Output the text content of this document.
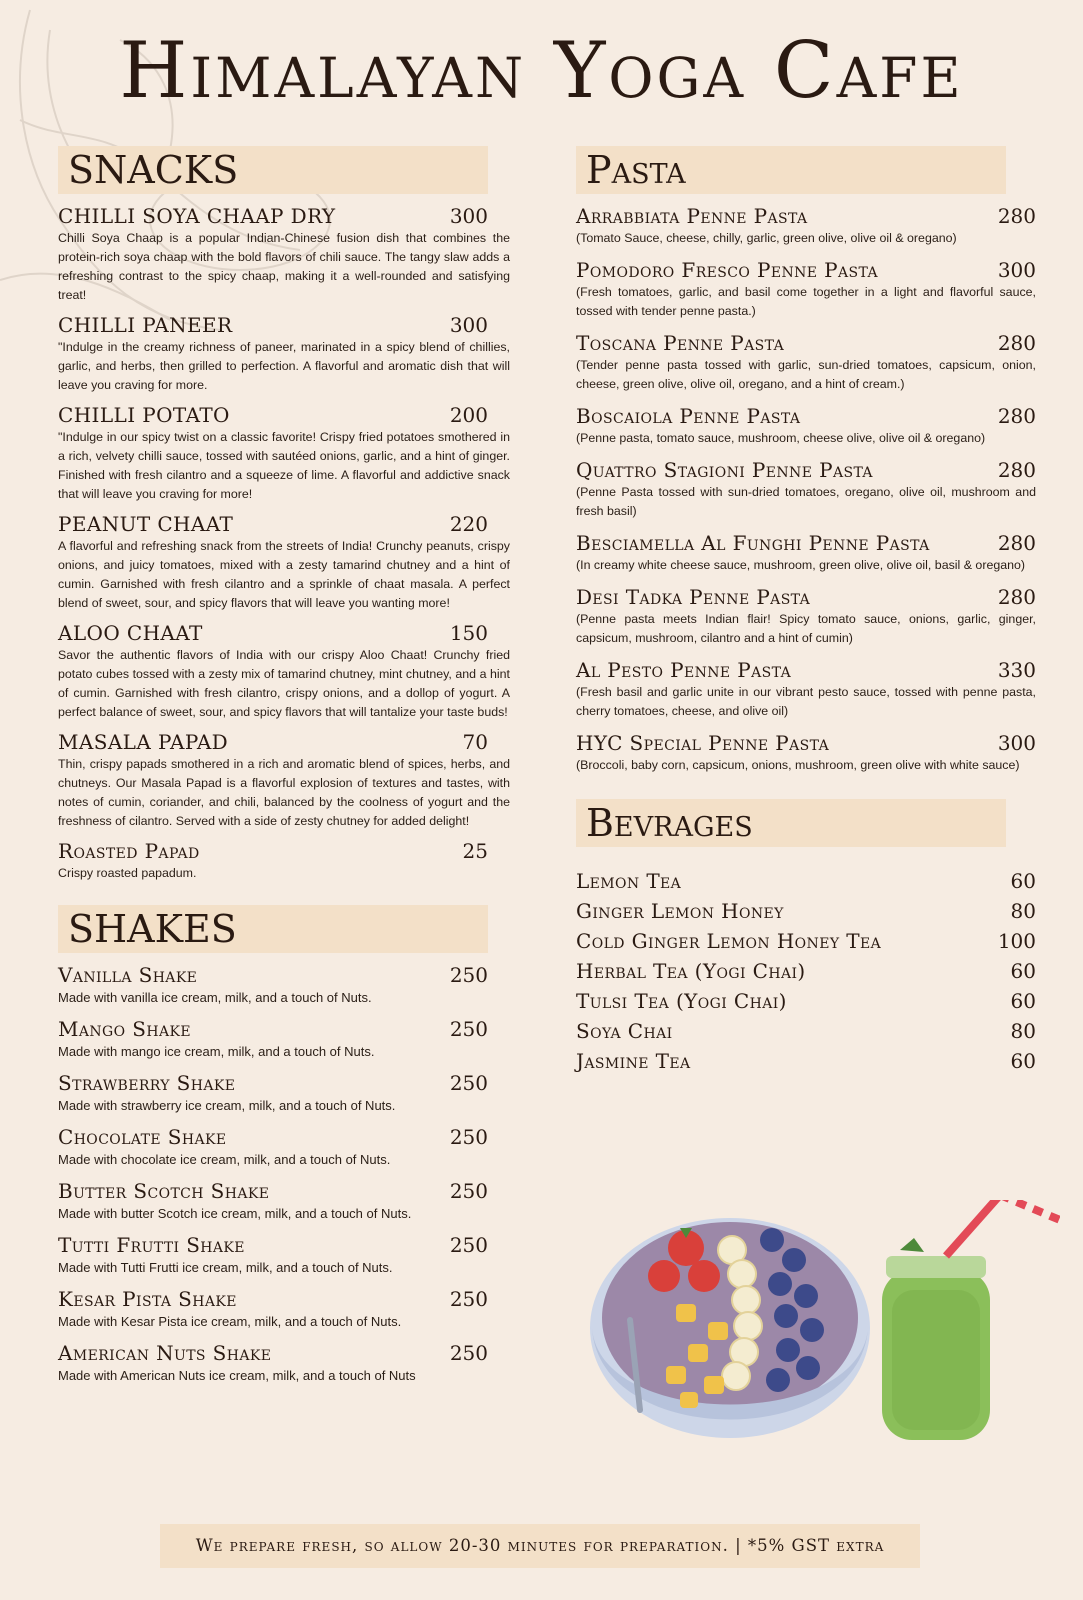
Himalayan Yoga Cafe
SNACKS
CHILLI SOYA CHAAP DRY	300
Chilli Soya Chaap is a popular Indian-Chinese fusion dish that combines the protein-rich soya chaap with the bold flavors of chili sauce. The tangy slaw adds a refreshing contrast to the spicy chaap, making it a well-rounded and satisfying treat!
CHILLI PANEER	300
"Indulge in the creamy richness of paneer, marinated in a spicy blend of chillies, garlic, and herbs, then grilled to perfection. A flavorful and aromatic dish that will leave you craving for more.
CHILLI POTATO	200
"Indulge in our spicy twist on a classic favorite! Crispy fried potatoes smothered in a rich, velvety chilli sauce, tossed with sautéed onions, garlic, and a hint of ginger. Finished with fresh cilantro and a squeeze of lime. A flavorful and addictive snack that will leave you craving for more!
PEANUT CHAAT	220
A flavorful and refreshing snack from the streets of India! Crunchy peanuts, crispy onions, and juicy tomatoes, mixed with a zesty tamarind chutney and a hint of cumin. Garnished with fresh cilantro and a sprinkle of chaat masala. A perfect blend of sweet, sour, and spicy flavors that will leave you wanting more!
ALOO CHAAT	150
Savor the authentic flavors of India with our crispy Aloo Chaat! Crunchy fried potato cubes tossed with a zesty mix of tamarind chutney, mint chutney, and a hint of cumin. Garnished with fresh cilantro, crispy onions, and a dollop of yogurt. A perfect balance of sweet, sour, and spicy flavors that will tantalize your taste buds!
MASALA PAPAD	70
Thin, crispy papads smothered in a rich and aromatic blend of spices, herbs, and chutneys. Our Masala Papad is a flavorful explosion of textures and tastes, with notes of cumin, coriander, and chili, balanced by the coolness of yogurt and the freshness of cilantro. Served with a side of zesty chutney for added delight!
Roasted Papad	25
Crispy roasted papadum.
SHAKES
Vanilla Shake	250
Made with vanilla ice cream, milk, and a touch of Nuts.
Mango Shake	250
Made with mango ice cream, milk, and a touch of Nuts.
Strawberry Shake	250
Made with strawberry ice cream, milk, and a touch of Nuts.
Chocolate Shake	250
Made with chocolate ice cream, milk, and a touch of Nuts.
Butter Scotch Shake	250
Made with butter Scotch ice cream, milk, and a touch of Nuts.
Tutti Frutti Shake	250
Made with Tutti Frutti ice cream, milk, and a touch of Nuts.
Kesar Pista Shake	250
Made with Kesar Pista ice cream, milk, and a touch of Nuts.
American Nuts Shake	250
Made with American Nuts ice cream, milk, and a touch of Nuts
Pasta
Arrabbiata Penne Pasta	280
(Tomato Sauce, cheese, chilly, garlic, green olive, olive oil & oregano)
Pomodoro Fresco Penne Pasta	300
(Fresh tomatoes, garlic, and basil come together in a light and flavorful sauce, tossed with tender penne pasta.)
Toscana Penne Pasta	280
(Tender penne pasta tossed with garlic, sun-dried tomatoes, capsicum, onion, cheese, green olive, olive oil, oregano, and a hint of cream.)
Boscaiola Penne Pasta	280
(Penne pasta, tomato sauce, mushroom, cheese olive, olive oil & oregano)
Quattro Stagioni Penne Pasta	280
(Penne Pasta tossed with sun-dried tomatoes, oregano, olive oil, mushroom and fresh basil)
Besciamella Al Funghi Penne Pasta	280
(In creamy white cheese sauce, mushroom, green olive, olive oil, basil & oregano)
Desi Tadka Penne Pasta	280
(Penne pasta meets Indian flair! Spicy tomato sauce, onions, garlic, ginger, capsicum, mushroom, cilantro and a hint of cumin)
Al Pesto Penne Pasta	330
(Fresh basil and garlic unite in our vibrant pesto sauce, tossed with penne pasta, cherry tomatoes, cheese, and olive oil)
HYC Special Penne Pasta	300
(Broccoli, baby corn, capsicum, onions, mushroom, green olive with white sauce)
Bevrages
Lemon Tea	60
Ginger Lemon Honey	80
Cold Ginger Lemon Honey Tea	100
Herbal Tea (Yogi Chai)	60
Tulsi Tea (Yogi Chai)	60
Soya Chai	80
Jasmine Tea	60
We prepare fresh, so allow 20-30 minutes for preparation. | *5% GST extra
